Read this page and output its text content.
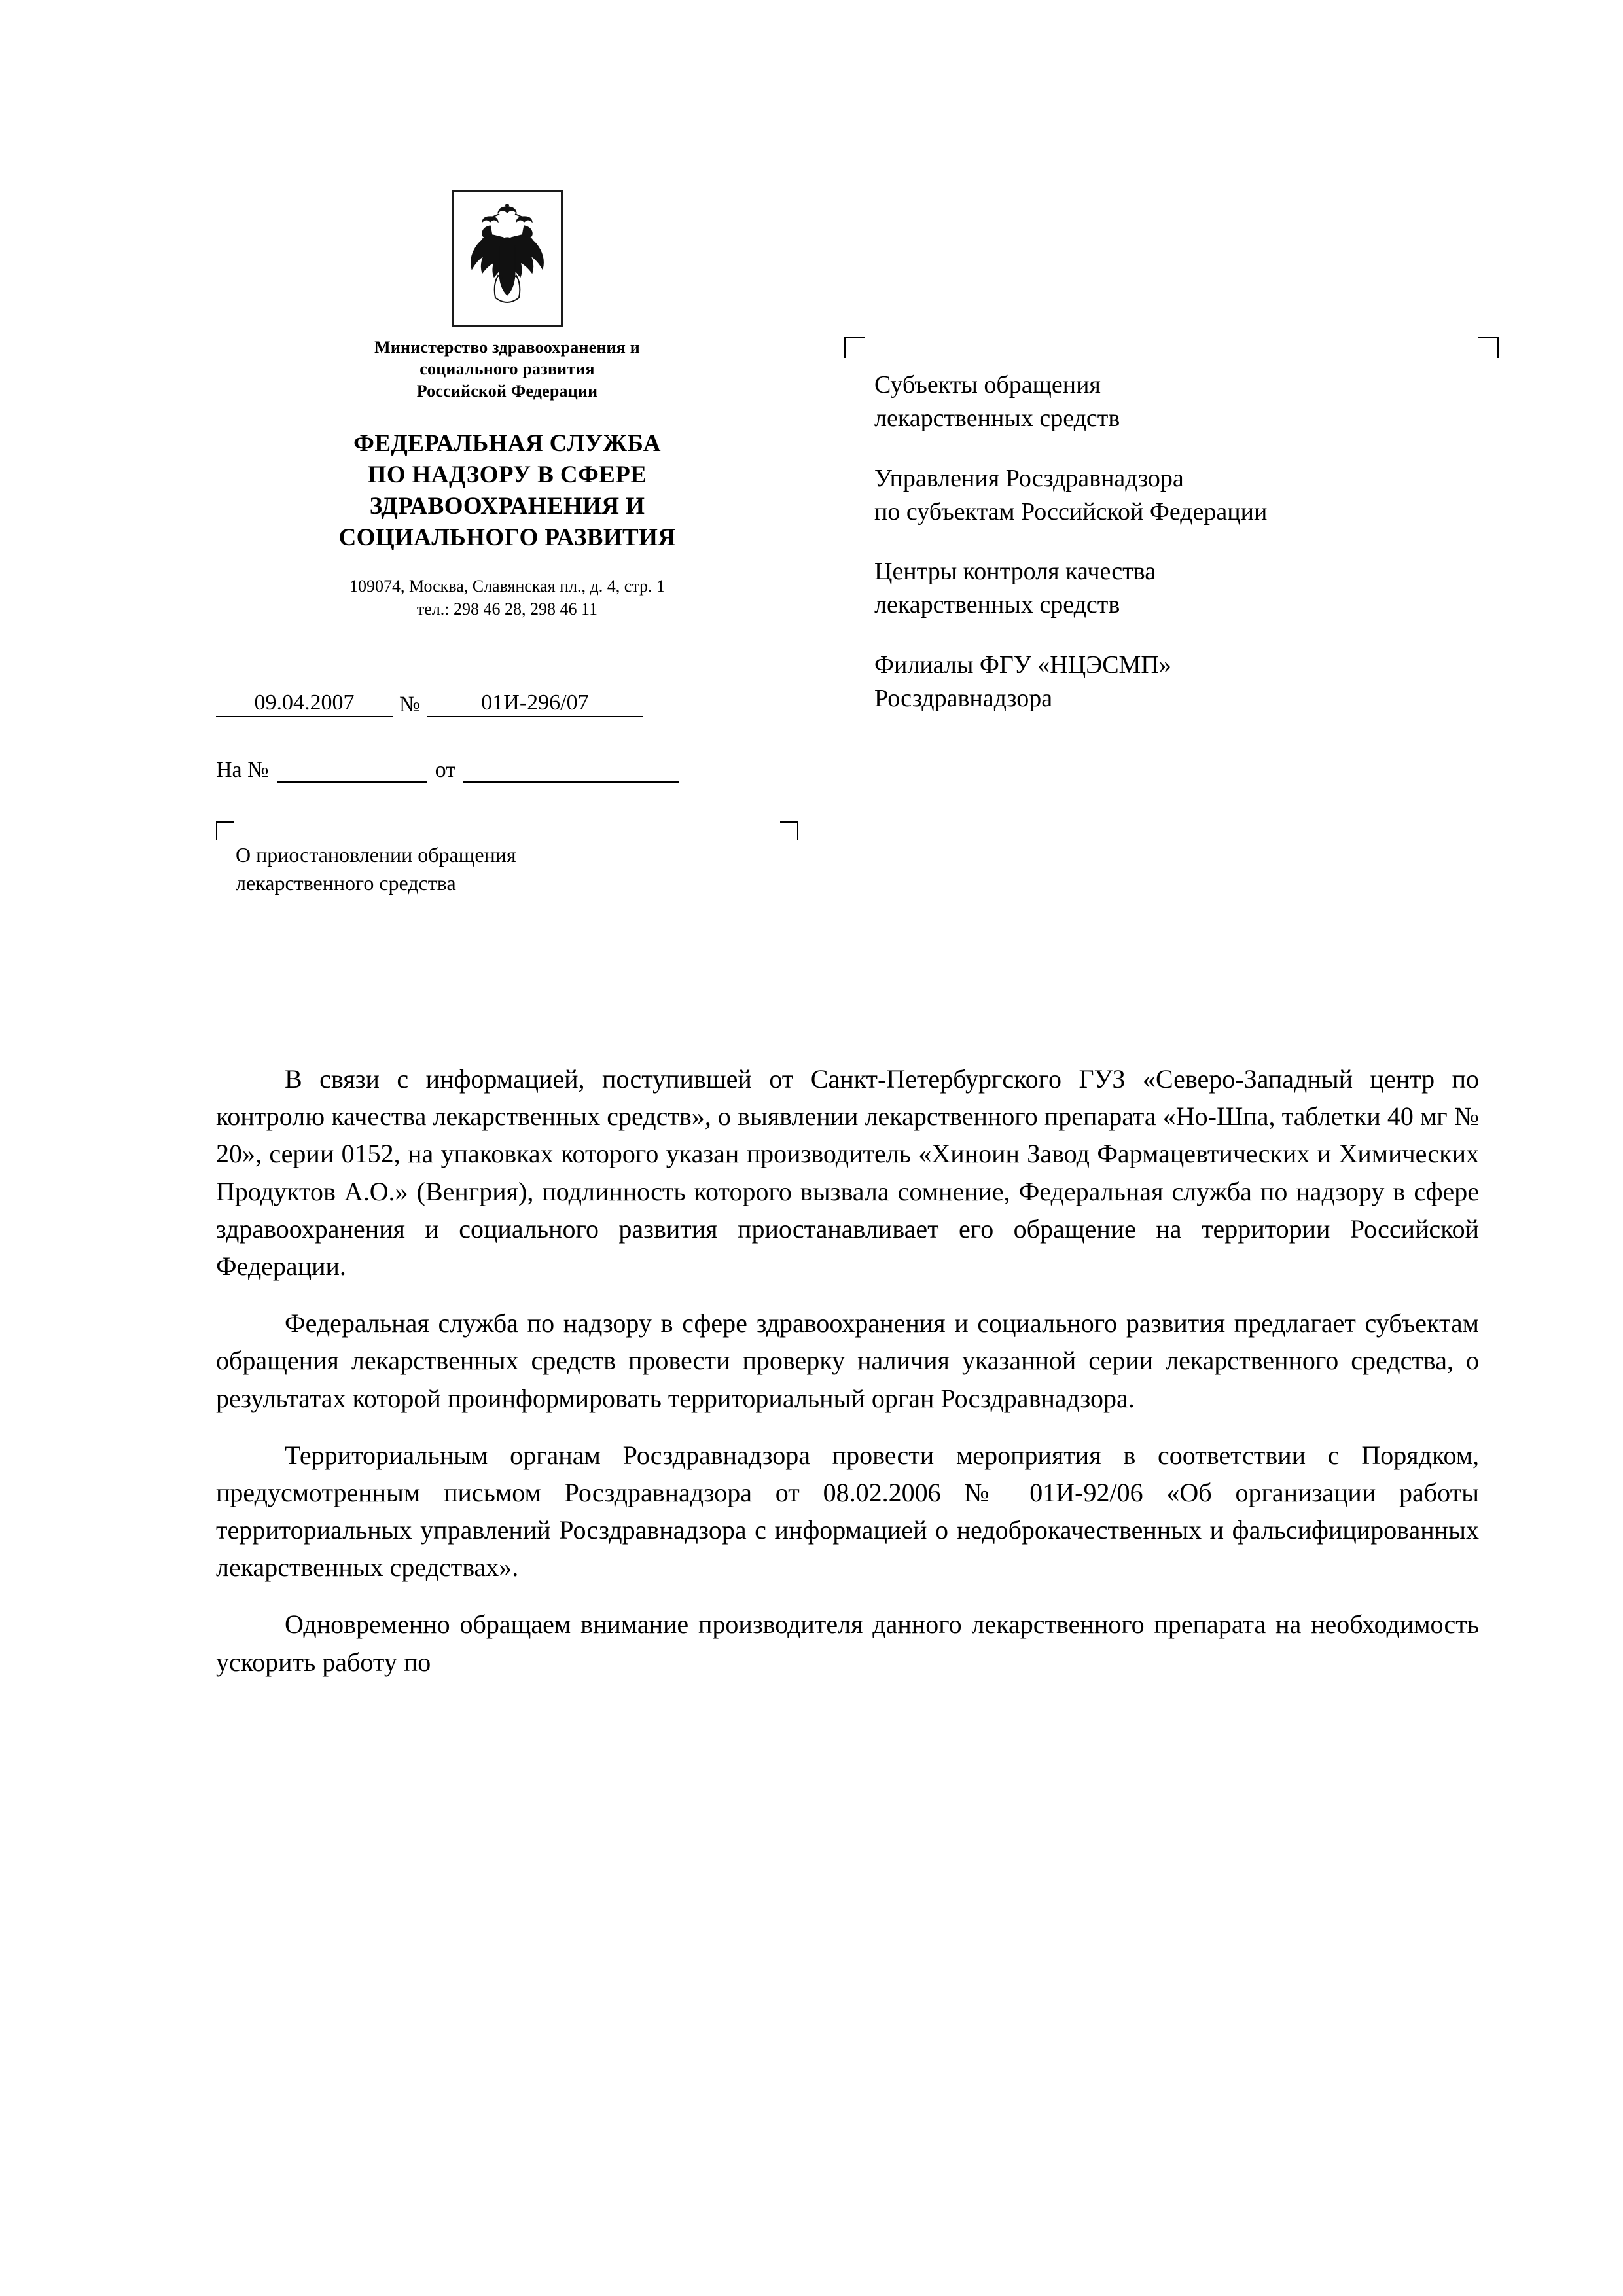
Министерство здравоохранения и
социального развития
Российской Федерации
ФЕДЕРАЛЬНАЯ СЛУЖБА
ПО НАДЗОРУ В СФЕРЕ
ЗДРАВООХРАНЕНИЯ И
СОЦИАЛЬНОГО РАЗВИТИЯ
109074, Москва, Славянская пл., д. 4, стр. 1
тел.: 298 46 28, 298 46 11
09.04.2007	№	01И-296/07
На №	от
О приостановлении обращения
лекарственного средства
Субъекты обращения
лекарственных средств
Управления Росздравнадзора
по субъектам Российской Федерации
Центры контроля качества
лекарственных средств
Филиалы ФГУ «НЦЭСМП»
Росздравнадзора

В связи с информацией, поступившей от Санкт-Петербургского ГУЗ «Северо-Западный центр по контролю качества лекарственных средств», о выявлении лекарственного препарата «Но-Шпа, таблетки 40 мг № 20», серии 0152, на упаковках которого указан производитель «Хиноин Завод Фармацевтических и Химических Продуктов А.О.» (Венгрия), подлинность которого вызвала сомнение, Федеральная служба по надзору в сфере здравоохранения и социального развития приостанавливает его обращение на территории Российской Федерации.

Федеральная служба по надзору в сфере здравоохранения и социального развития предлагает субъектам обращения лекарственных средств провести проверку наличия указанной серии лекарственного средства, о результатах которой проинформировать территориальный орган Росздравнадзора.

Территориальным органам Росздравнадзора провести мероприятия в соответствии с Порядком, предусмотренным письмом Росздравнадзора от 08.02.2006 № 01И-92/06 «Об организации работы территориальных управлений Росздравнадзора с информацией о недоброкачественных и фальсифицированных лекарственных средствах».

Одновременно обращаем внимание производителя данного лекарственного препарата на необходимость ускорить работу по
